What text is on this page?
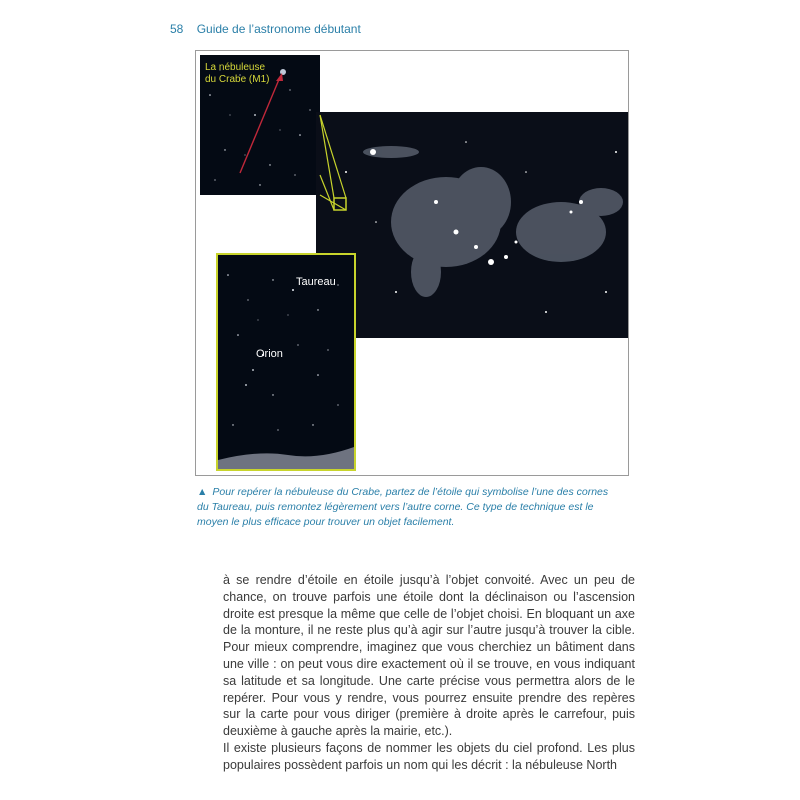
58 Guide de l’astronome débutant
La nébuleuse
du Crabe (M1)
Taureau
Orion
▲ Pour repérer la nébuleuse du Crabe, partez de l’étoile qui symbolise l’une des cornes du Taureau, puis remontez légèrement vers l’autre corne. Ce type de technique est le moyen le plus efficace pour trouver un objet facilement.

à se rendre d’étoile en étoile jusqu’à l’objet convoité. Avec un peu de chance, on trouve parfois une étoile dont la déclinaison ou l’ascension droite est presque la même que celle de l’objet choisi. En bloquant un axe de la monture, il ne reste plus qu’à agir sur l’autre jusqu’à trouver la cible. Pour mieux comprendre, imaginez que vous cherchiez un bâtiment dans une ville : on peut vous dire exactement où il se trouve, en vous indiquant sa latitude et sa longitude. Une carte précise vous permettra alors de le repérer. Pour vous y rendre, vous pourrez ensuite prendre des repères sur la carte pour vous diriger (première à droite après le carrefour, puis deuxième à gauche après la mairie, etc.).

Il existe plusieurs façons de nommer les objets du ciel profond. Les plus populaires possèdent parfois un nom qui les décrit : la nébuleuse North
